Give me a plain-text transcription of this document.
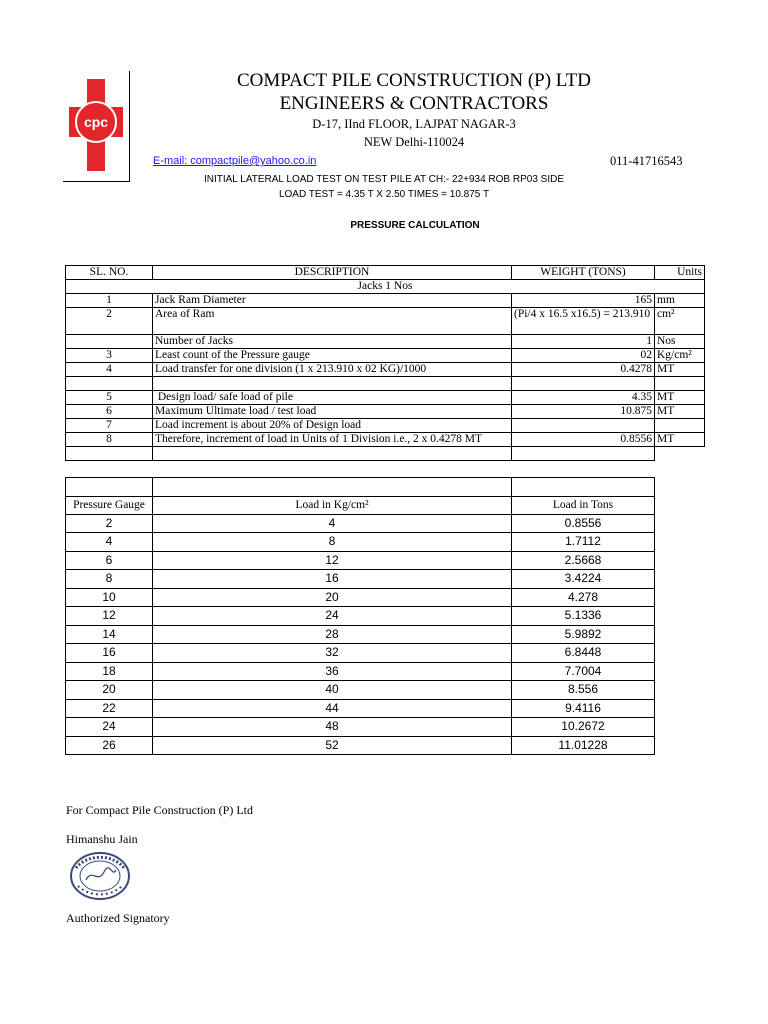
cpc
COMPACT PILE CONSTRUCTION (P) LTD
ENGINEERS & CONTRACTORS
D-17, IInd FLOOR, LAJPAT NAGAR-3
NEW Delhi-110024
E-mail: compactpile@yahoo.co.in	011-41716543
INITIAL LATERAL LOAD TEST ON TEST PILE AT CH:- 22+934 ROB RP03 SIDE
LOAD TEST = 4.35 T X 2.50 TIMES = 10.875 T
PRESSURE CALCULATION
SL. NO.	DESCRIPTION	WEIGHT (TONS)	Units
Jacks 1 Nos			
1	Jack Ram Diameter	165	mm
2	Area of Ram	(Pi/4 x 16.5 x16.5) = 213.910	cm²
	Number of Jacks	1	Nos
3	Least count of the Pressure gauge	02	Kg/cm²
4	Load transfer for one division (1 x 213.910 x 02 KG)/1000	0.4278	MT

5	Design load/ safe load of pile	4.35	MT
6	Maximum Ultimate load / test load	10.875	MT
7	Load increment is about 20% of Design load		
8	Therefore, increment of load in Units of 1 Division i.e., 2 x 0.4278 MT	0.8556	MT

Pressure Gauge	Load in Kg/cm²	Load in Tons
2	4	0.8556
4	8	1.7112
6	12	2.5668
8	16	3.4224
10	20	4.278
12	24	5.1336
14	28	5.9892
16	32	6.8448
18	36	7.7004
20	40	8.556
22	44	9.4116
24	48	10.2672
26	52	11.01228
For Compact Pile Construction (P) Ltd
Himanshu Jain
Authorized Signatory
